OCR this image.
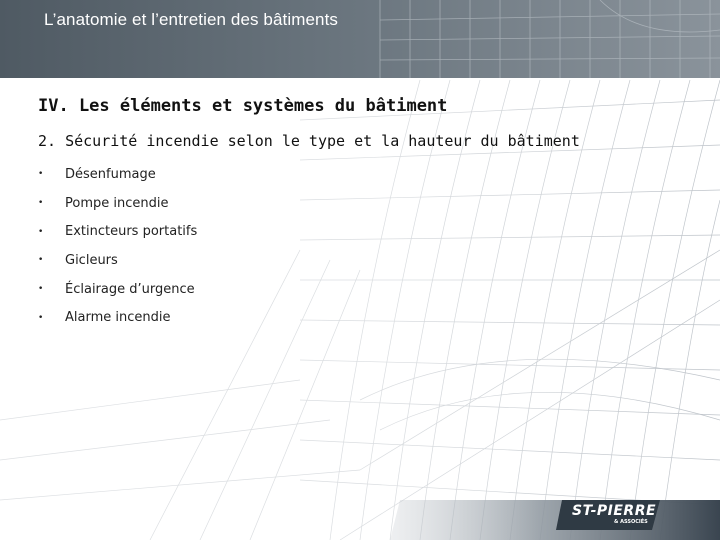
L’anatomie et l’entretien des bâtiments
IV. Les éléments et systèmes du bâtiment
2. Sécurité incendie selon le type et la hauteur du bâtiment
•	Désenfumage
•	Pompe incendie
•	Extincteurs portatifs
•	Gicleurs
•	Éclairage d’urgence
•	Alarme incendie
ST-PIERRE
& ASSOCIÉS
